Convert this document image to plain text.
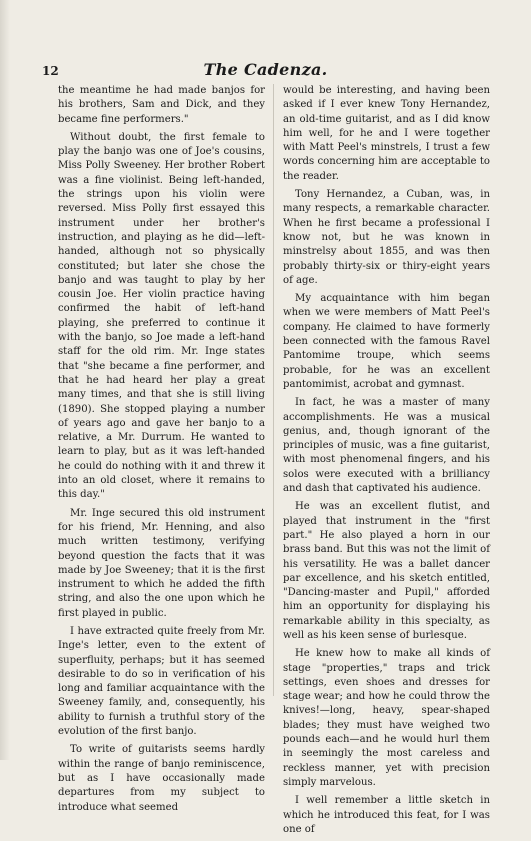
12	The Cadenza.

the meantime he had made banjos for his brothers, Sam and Dick, and they became fine performers."

Without doubt, the first female to play the banjo was one of Joe's cousins, Miss Polly Sweeney. Her brother Robert was a fine violinist. Being left-handed, the strings upon his violin were reversed. Miss Polly first essayed this instrument under her brother's instruction, and playing as he did—left-handed, although not so physically constituted; but later she chose the banjo and was taught to play by her cousin Joe. Her violin practice having confirmed the habit of left-hand playing, she preferred to continue it with the banjo, so Joe made a left-hand staff for the old rim. Mr. Inge states that "she became a fine performer, and that he had heard her play a great many times, and that she is still living (1890). She stopped playing a number of years ago and gave her banjo to a relative, a Mr. Durrum. He wanted to learn to play, but as it was left-handed he could do nothing with it and threw it into an old closet, where it remains to this day."

Mr. Inge secured this old instrument for his friend, Mr. Henning, and also much written testimony, verifying beyond question the facts that it was made by Joe Sweeney; that it is the first instrument to which he added the fifth string, and also the one upon which he first played in public.

I have extracted quite freely from Mr. Inge's letter, even to the extent of superfluity, perhaps; but it has seemed desirable to do so in verification of his long and familiar acquaintance with the Sweeney family, and, consequently, his ability to furnish a truthful story of the evolution of the first banjo.

To write of guitarists seems hardly within the range of banjo reminiscence, but as I have occasionally made departures from my subject to introduce what seemed

would be interesting, and having been asked if I ever knew Tony Hernandez, an old-time guitarist, and as I did know him well, for he and I were together with Matt Peel's minstrels, I trust a few words concerning him are acceptable to the reader.

Tony Hernandez, a Cuban, was, in many respects, a remarkable character. When he first became a professional I know not, but he was known in minstrelsy about 1855, and was then probably thirty-six or thiry-eight years of age.

My acquaintance with him began when we were members of Matt Peel's company. He claimed to have formerly been connected with the famous Ravel Pantomime troupe, which seems probable, for he was an excellent pantomimist, acrobat and gymnast.

In fact, he was a master of many accomplishments. He was a musical genius, and, though ignorant of the principles of music, was a fine guitarist, with most phenomenal fingers, and his solos were executed with a brilliancy and dash that captivated his audience.

He was an excellent flutist, and played that instrument in the "first part." He also played a horn in our brass band. But this was not the limit of his versatility. He was a ballet dancer par excellence, and his sketch entitled, "Dancing-master and Pupil," afforded him an opportunity for displaying his remarkable ability in this specialty, as well as his keen sense of burlesque.

He knew how to make all kinds of stage "properties," traps and trick settings, even shoes and dresses for stage wear; and how he could throw the knives!—long, heavy, spear-shaped blades; they must have weighed two pounds each—and he would hurl them in seemingly the most careless and reckless manner, yet with precision simply marvelous.

I well remember a little sketch in which he introduced this feat, for I was one of
